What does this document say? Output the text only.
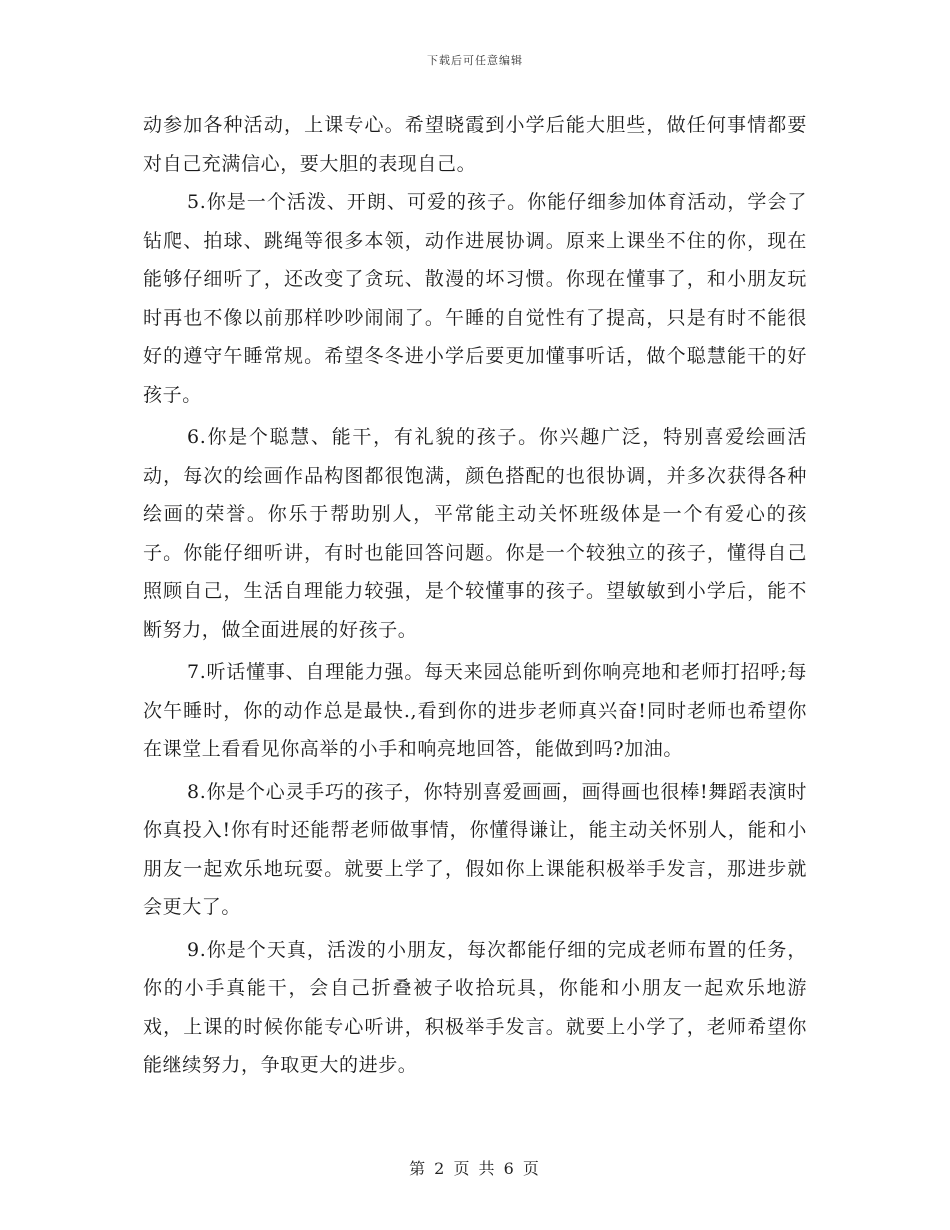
下载后可任意编辑

动参加各种活动，上课专心。希望晓霞到小学后能大胆些，做任何事情都要对自己充满信心，要大胆的表现自己。

5.你是一个活泼、开朗、可爱的孩子。你能仔细参加体育活动，学会了钻爬、拍球、跳绳等很多本领，动作进展协调。原来上课坐不住的你，现在能够仔细听了，还改变了贪玩、散漫的坏习惯。你现在懂事了，和小朋友玩时再也不像以前那样吵吵闹闹了。午睡的自觉性有了提高，只是有时不能很好的遵守午睡常规。希望冬冬进小学后要更加懂事听话，做个聪慧能干的好孩子。

6.你是个聪慧、能干，有礼貌的孩子。你兴趣广泛，特别喜爱绘画活动，每次的绘画作品构图都很饱满，颜色搭配的也很协调，并多次获得各种绘画的荣誉。你乐于帮助别人，平常能主动关怀班级体是一个有爱心的孩子。你能仔细听讲，有时也能回答问题。你是一个较独立的孩子，懂得自己照顾自己，生活自理能力较强，是个较懂事的孩子。望敏敏到小学后，能不断努力，做全面进展的好孩子。

7.听话懂事、自理能力强。每天来园总能听到你响亮地和老师打招呼;每次午睡时，你的动作总是最快.,看到你的进步老师真兴奋!同时老师也希望你在课堂上看看见你高举的小手和响亮地回答，能做到吗?加油。

8.你是个心灵手巧的孩子，你特别喜爱画画，画得画也很棒!舞蹈表演时你真投入!你有时还能帮老师做事情，你懂得谦让，能主动关怀别人，能和小朋友一起欢乐地玩耍。就要上学了，假如你上课能积极举手发言，那进步就会更大了。

9.你是个天真，活泼的小朋友，每次都能仔细的完成老师布置的任务，你的小手真能干，会自己折叠被子收拾玩具，你能和小朋友一起欢乐地游戏，上课的时候你能专心听讲，积极举手发言。就要上小学了，老师希望你能继续努力，争取更大的进步。

第 2 页 共 6 页
